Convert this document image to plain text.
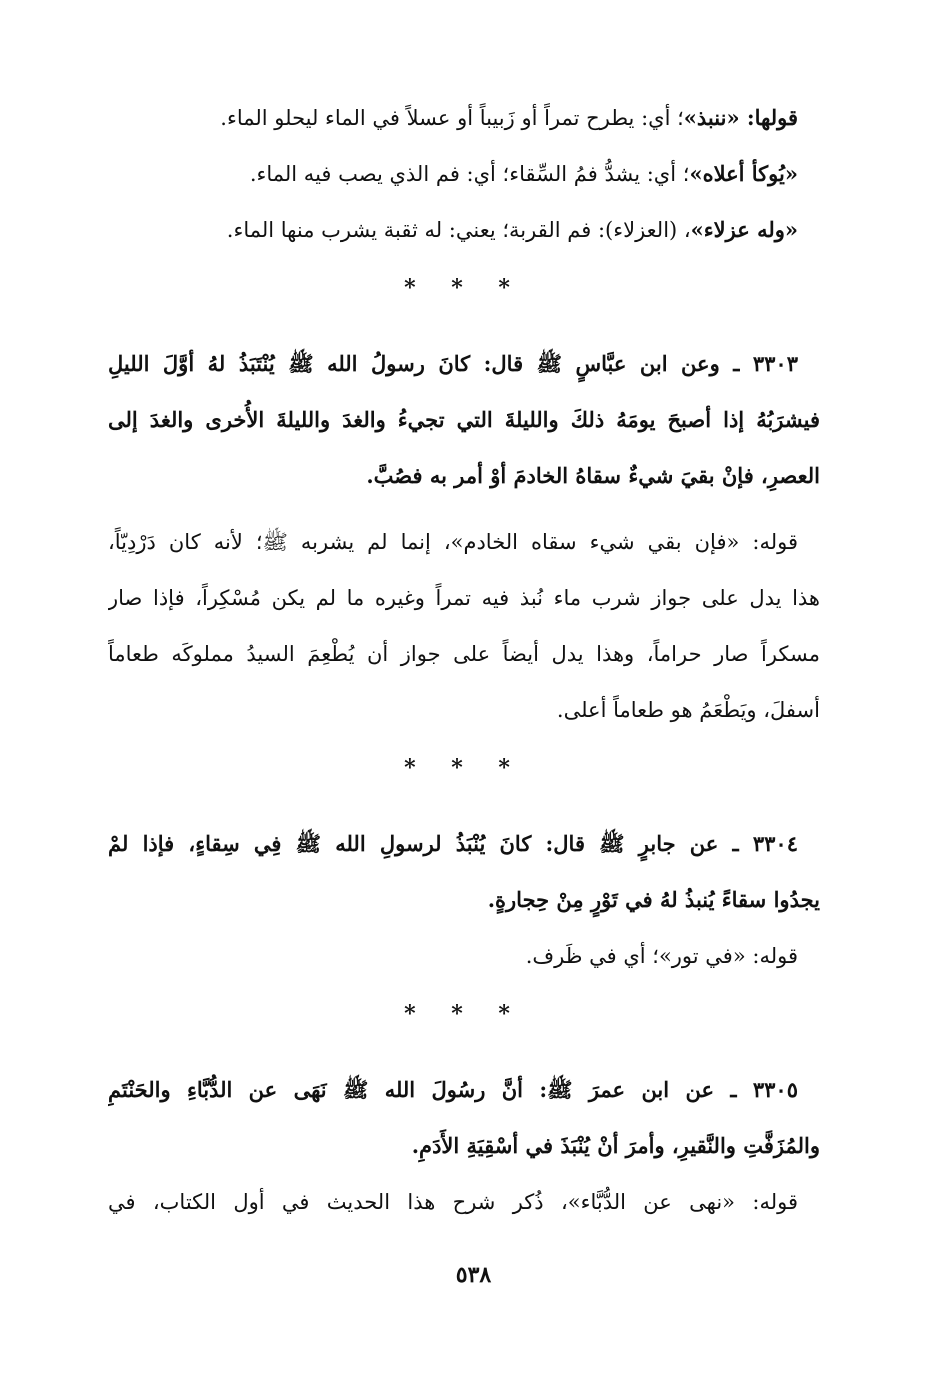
قولها: «ننبذ»؛ أي: يطرح تمراً أو زَبيباً أو عسلاً في الماء ليحلو الماء.
«يُوكأ أعلاه»؛ أي: يشدُّ فمُ السِّقاء؛ أي: فم الذي يصب فيه الماء.
«وله عزلاء»، (العزلاء): فم القربة؛ يعني: له ثقبة يشرب منها الماء.
* * *
٣٣٠٣ ـ وعن ابن عبَّاسٍ ﷺ قال: كانَ رسولُ الله ﷺ يُنْتَبَذُ لهُ أوَّلَ الليلِ
فيشرَبُهُ إذا أصبحَ يومَهُ ذلكَ والليلةَ التي تجيءُ والغدَ والليلةَ الأُخرى والغدَ إلى
العصرِ، فإنْ بقيَ شيءٌ سقاهُ الخادمَ أوْ أمر به فصُبَّ.
قوله: «فإن بقي شيء سقاه الخادم»، إنما لم يشربه ﷺ؛ لأنه كان دَرْدِيّاً،
هذا يدل على جواز شرب ماء نُبذ فيه تمراً وغيره ما لم يكن مُسْكِراً، فإذا صار
مسكراً صار حراماً، وهذا يدل أيضاً على جواز أن يُطْعِمَ السيدُ مملوكَه طعاماً
أسفلَ، ويَطْعَمُ هو طعاماً أعلى.
* * *
٣٣٠٤ ـ عن جابرٍ ﷺ قال: كانَ يُنْبَذُ لرسولِ الله ﷺ فِي سِقاءٍ، فإذا لمْ
يجدُوا سقاءً يُنبذُ لهُ في تَوْرٍ مِنْ حِجارةٍ.
قوله: «في تور»؛ أي في ظَرف.
* * *
٣٣٠٥ ـ عن ابن عمرَ ﷺ: أنَّ رسُولَ الله ﷺ نَهَى عن الدُّبَّاءِ والحَنْتَمِ
والمُزَفَّتِ والنَّقيرِ، وأمرَ أنْ يُنْبَذَ في أسْقِيَةِ الأَدَمِ.
قوله: «نهى عن الدُّبَّاء»، ذُكر شرح هذا الحديث في أول الكتاب، في
٥٣٨
